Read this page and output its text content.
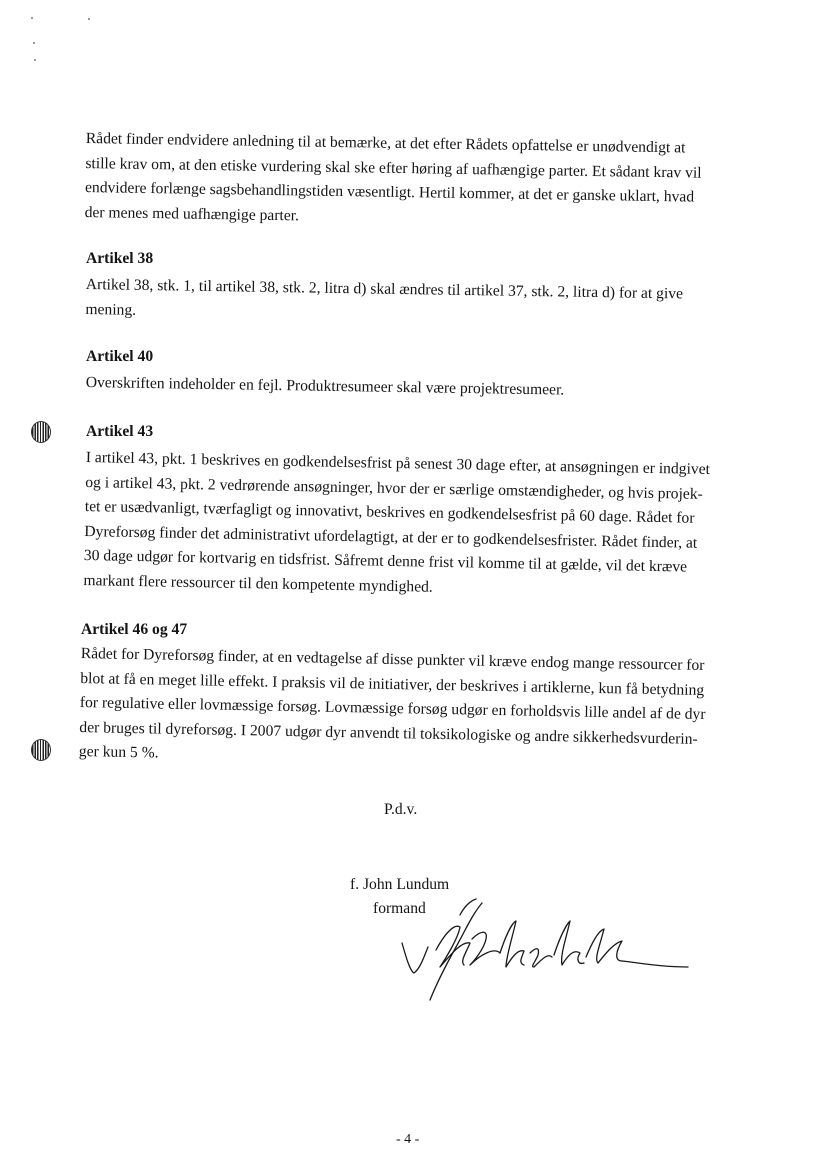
Rådet finder endvidere anledning til at bemærke, at det efter Rådets opfattelse er unødvendigt at
stille krav om, at den etiske vurdering skal ske efter høring af uafhængige parter. Et sådant krav vil
endvidere forlænge sagsbehandlingstiden væsentligt. Hertil kommer, at det er ganske uklart, hvad
der menes med uafhængige parter.
Artikel 38
Artikel 38, stk. 1, til artikel 38, stk. 2, litra d) skal ændres til artikel 37, stk. 2, litra d) for at give
mening.
Artikel 40
Overskriften indeholder en fejl. Produktresumeer skal være projektresumeer.
Artikel 43
I artikel 43, pkt. 1 beskrives en godkendelsesfrist på senest 30 dage efter, at ansøgningen er indgivet
og i artikel 43, pkt. 2 vedrørende ansøgninger, hvor der er særlige omstændigheder, og hvis projek-
tet er usædvanligt, tværfagligt og innovativt, beskrives en godkendelsesfrist på 60 dage. Rådet for
Dyreforsøg finder det administrativt ufordelagtigt, at der er to godkendelsesfrister. Rådet finder, at
30 dage udgør for kortvarig en tidsfrist. Såfremt denne frist vil komme til at gælde, vil det kræve
markant flere ressourcer til den kompetente myndighed.
Artikel 46 og 47
Rådet for Dyreforsøg finder, at en vedtagelse af disse punkter vil kræve endog mange ressourcer for
blot at få en meget lille effekt. I praksis vil de initiativer, der beskrives i artiklerne, kun få betydning
for regulative eller lovmæssige forsøg. Lovmæssige forsøg udgør en forholdsvis lille andel af de dyr
der bruges til dyreforsøg. I 2007 udgør dyr anvendt til toksikologiske og andre sikkerhedsvurderin-
ger kun 5 %.
P.d.v.
f. John Lundum
formand
- 4 -
